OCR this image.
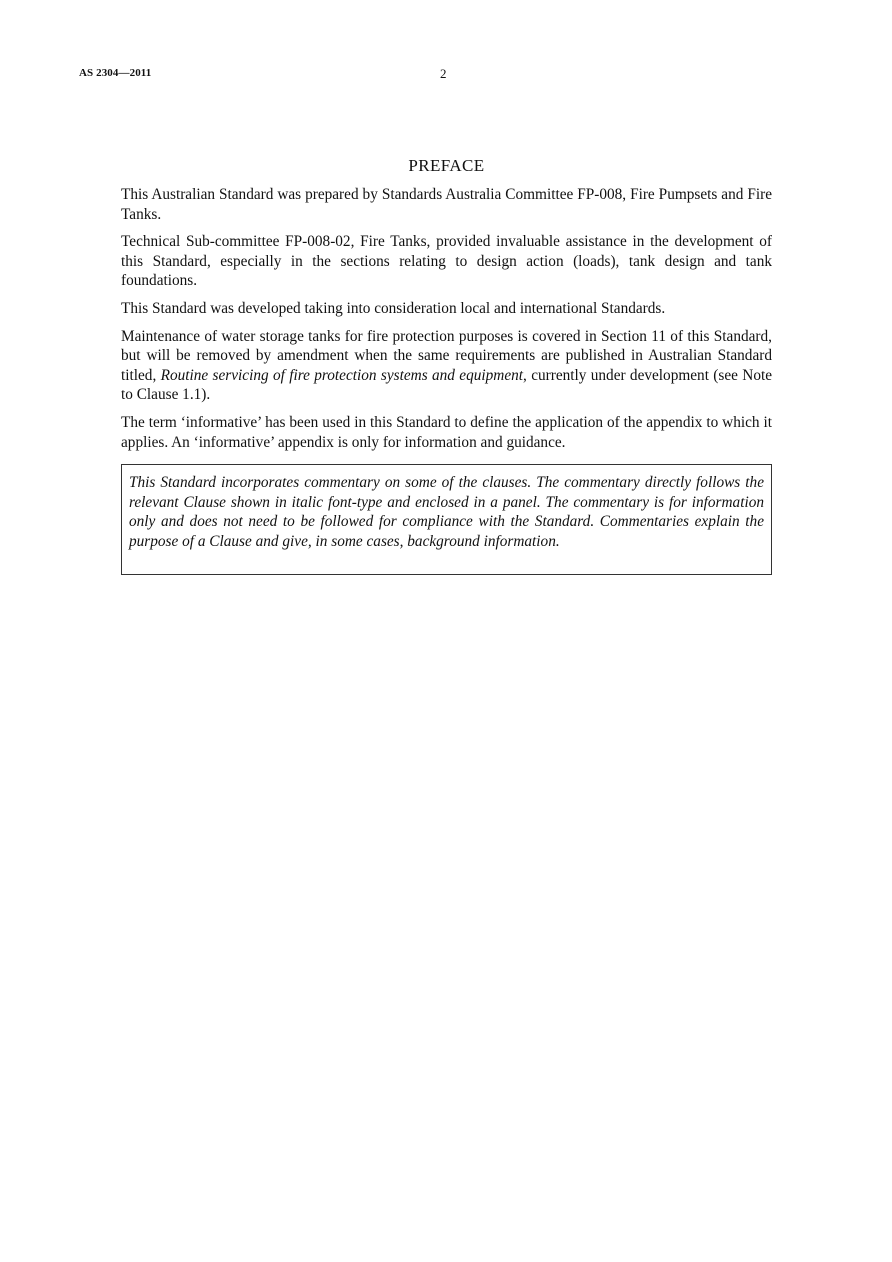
AS 2304—2011	2
PREFACE

This Australian Standard was prepared by Standards Australia Committee FP-008, Fire Pumpsets and Fire Tanks.

Technical Sub-committee FP-008-02, Fire Tanks, provided invaluable assistance in the development of this Standard, especially in the sections relating to design action (loads), tank design and tank foundations.

This Standard was developed taking into consideration local and international Standards.

Maintenance of water storage tanks for fire protection purposes is covered in Section 11 of this Standard, but will be removed by amendment when the same requirements are published in Australian Standard titled, Routine servicing of fire protection systems and equipment, currently under development (see Note to Clause 1.1).

The term ‘informative’ has been used in this Standard to define the application of the appendix to which it applies. An ‘informative’ appendix is only for information and guidance.

This Standard incorporates commentary on some of the clauses. The commentary directly follows the relevant Clause shown in italic font-type and enclosed in a panel. The commentary is for information only and does not need to be followed for compliance with the Standard. Commentaries explain the purpose of a Clause and give, in some cases, background information.
